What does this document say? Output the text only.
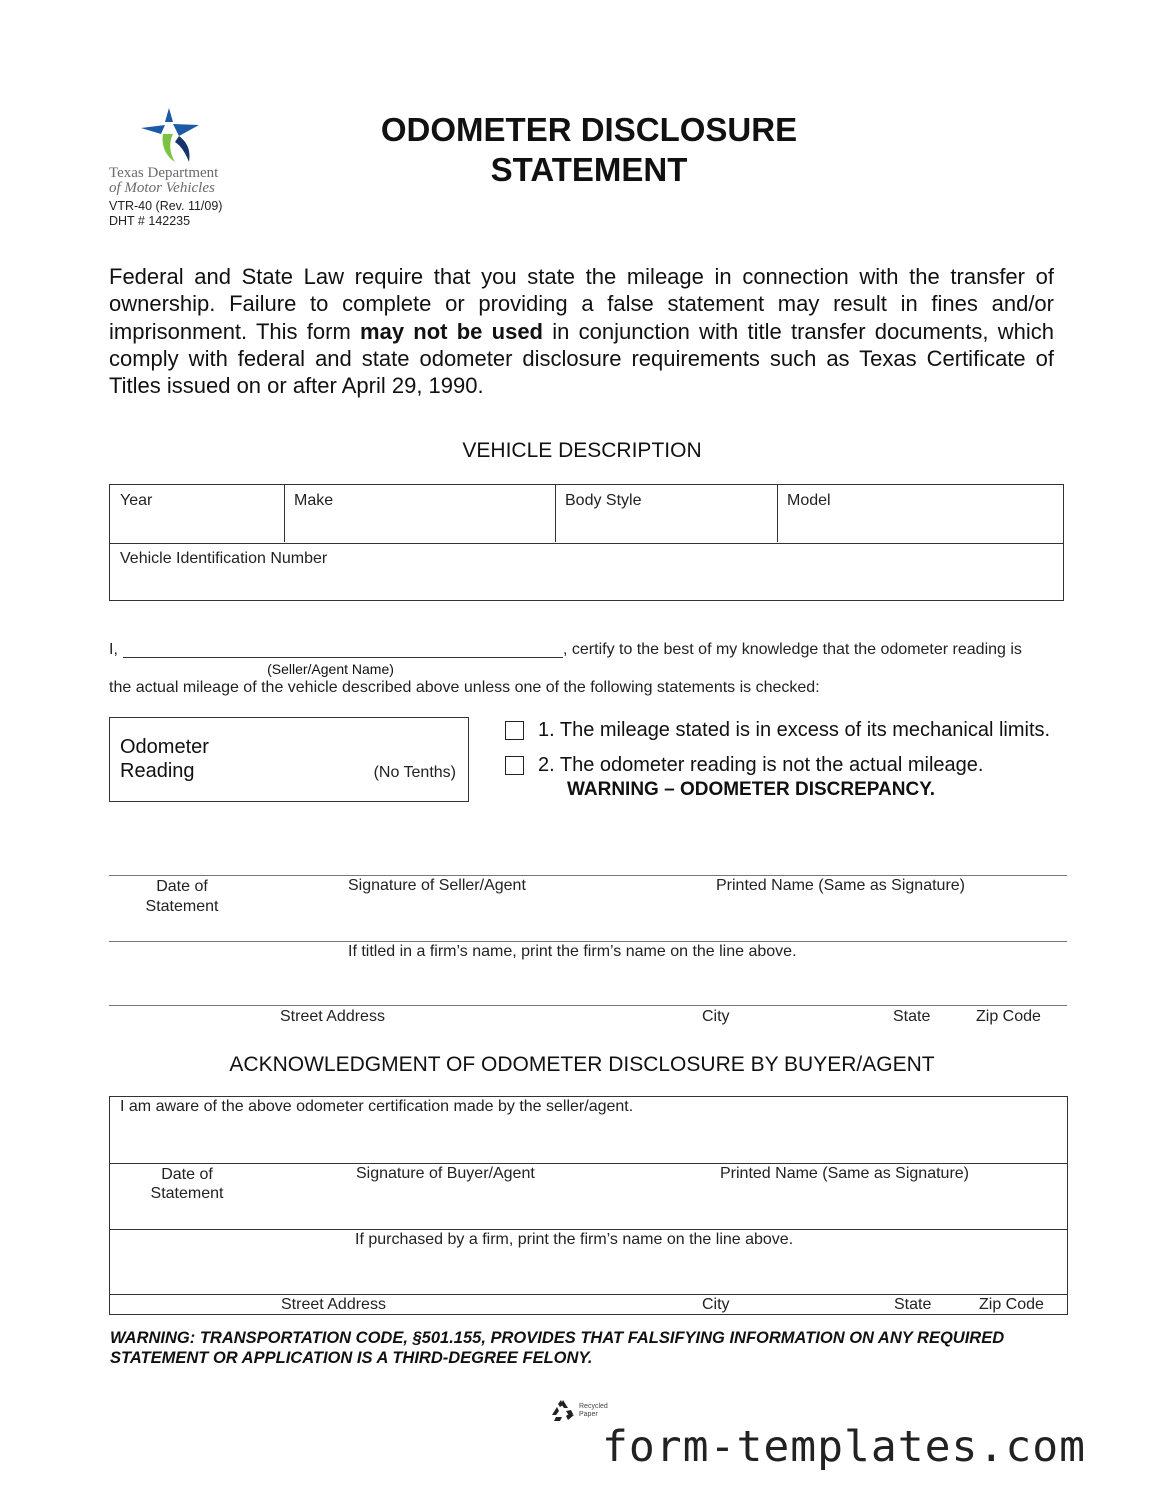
Texas Department
of Motor Vehicles
VTR-40 (Rev. 11/09)
DHT # 142235
ODOMETER DISCLOSURE
STATEMENT
Federal and State Law require that you state the mileage in connection with the transfer of ownership. Failure to complete or providing a false statement may result in fines and/or imprisonment. This form may not be used in conjunction with title transfer documents, which comply with federal and state odometer disclosure requirements such as Texas Certificate of Titles issued on or after April 29, 1990.
VEHICLE DESCRIPTION
Year	Make	Body Style	Model
Vehicle Identification Number
I,	, certify to the best of my knowledge that the odometer reading is
(Seller/Agent Name)
the actual mileage of the vehicle described above unless one of the following statements is checked:
Odometer
Reading	(No Tenths)
1. The mileage stated is in excess of its mechanical limits.
2. The odometer reading is not the actual mileage.
WARNING – ODOMETER DISCREPANCY.
Date of
Statement
Signature of Seller/Agent	Printed Name (Same as Signature)
If titled in a firm’s name, print the firm’s name on the line above.
Street Address	City	State	Zip Code
ACKNOWLEDGMENT OF ODOMETER DISCLOSURE BY BUYER/AGENT
I am aware of the above odometer certification made by the seller/agent.
Date of
Statement
Signature of Buyer/Agent	Printed Name (Same as Signature)
If purchased by a firm, print the firm’s name on the line above.
Street Address	City	State	Zip Code
WARNING: TRANSPORTATION CODE, §501.155, PROVIDES THAT FALSIFYING INFORMATION ON ANY REQUIRED
STATEMENT OR APPLICATION IS A THIRD-DEGREE FELONY.
Recycled
Paper
form-templates.com
